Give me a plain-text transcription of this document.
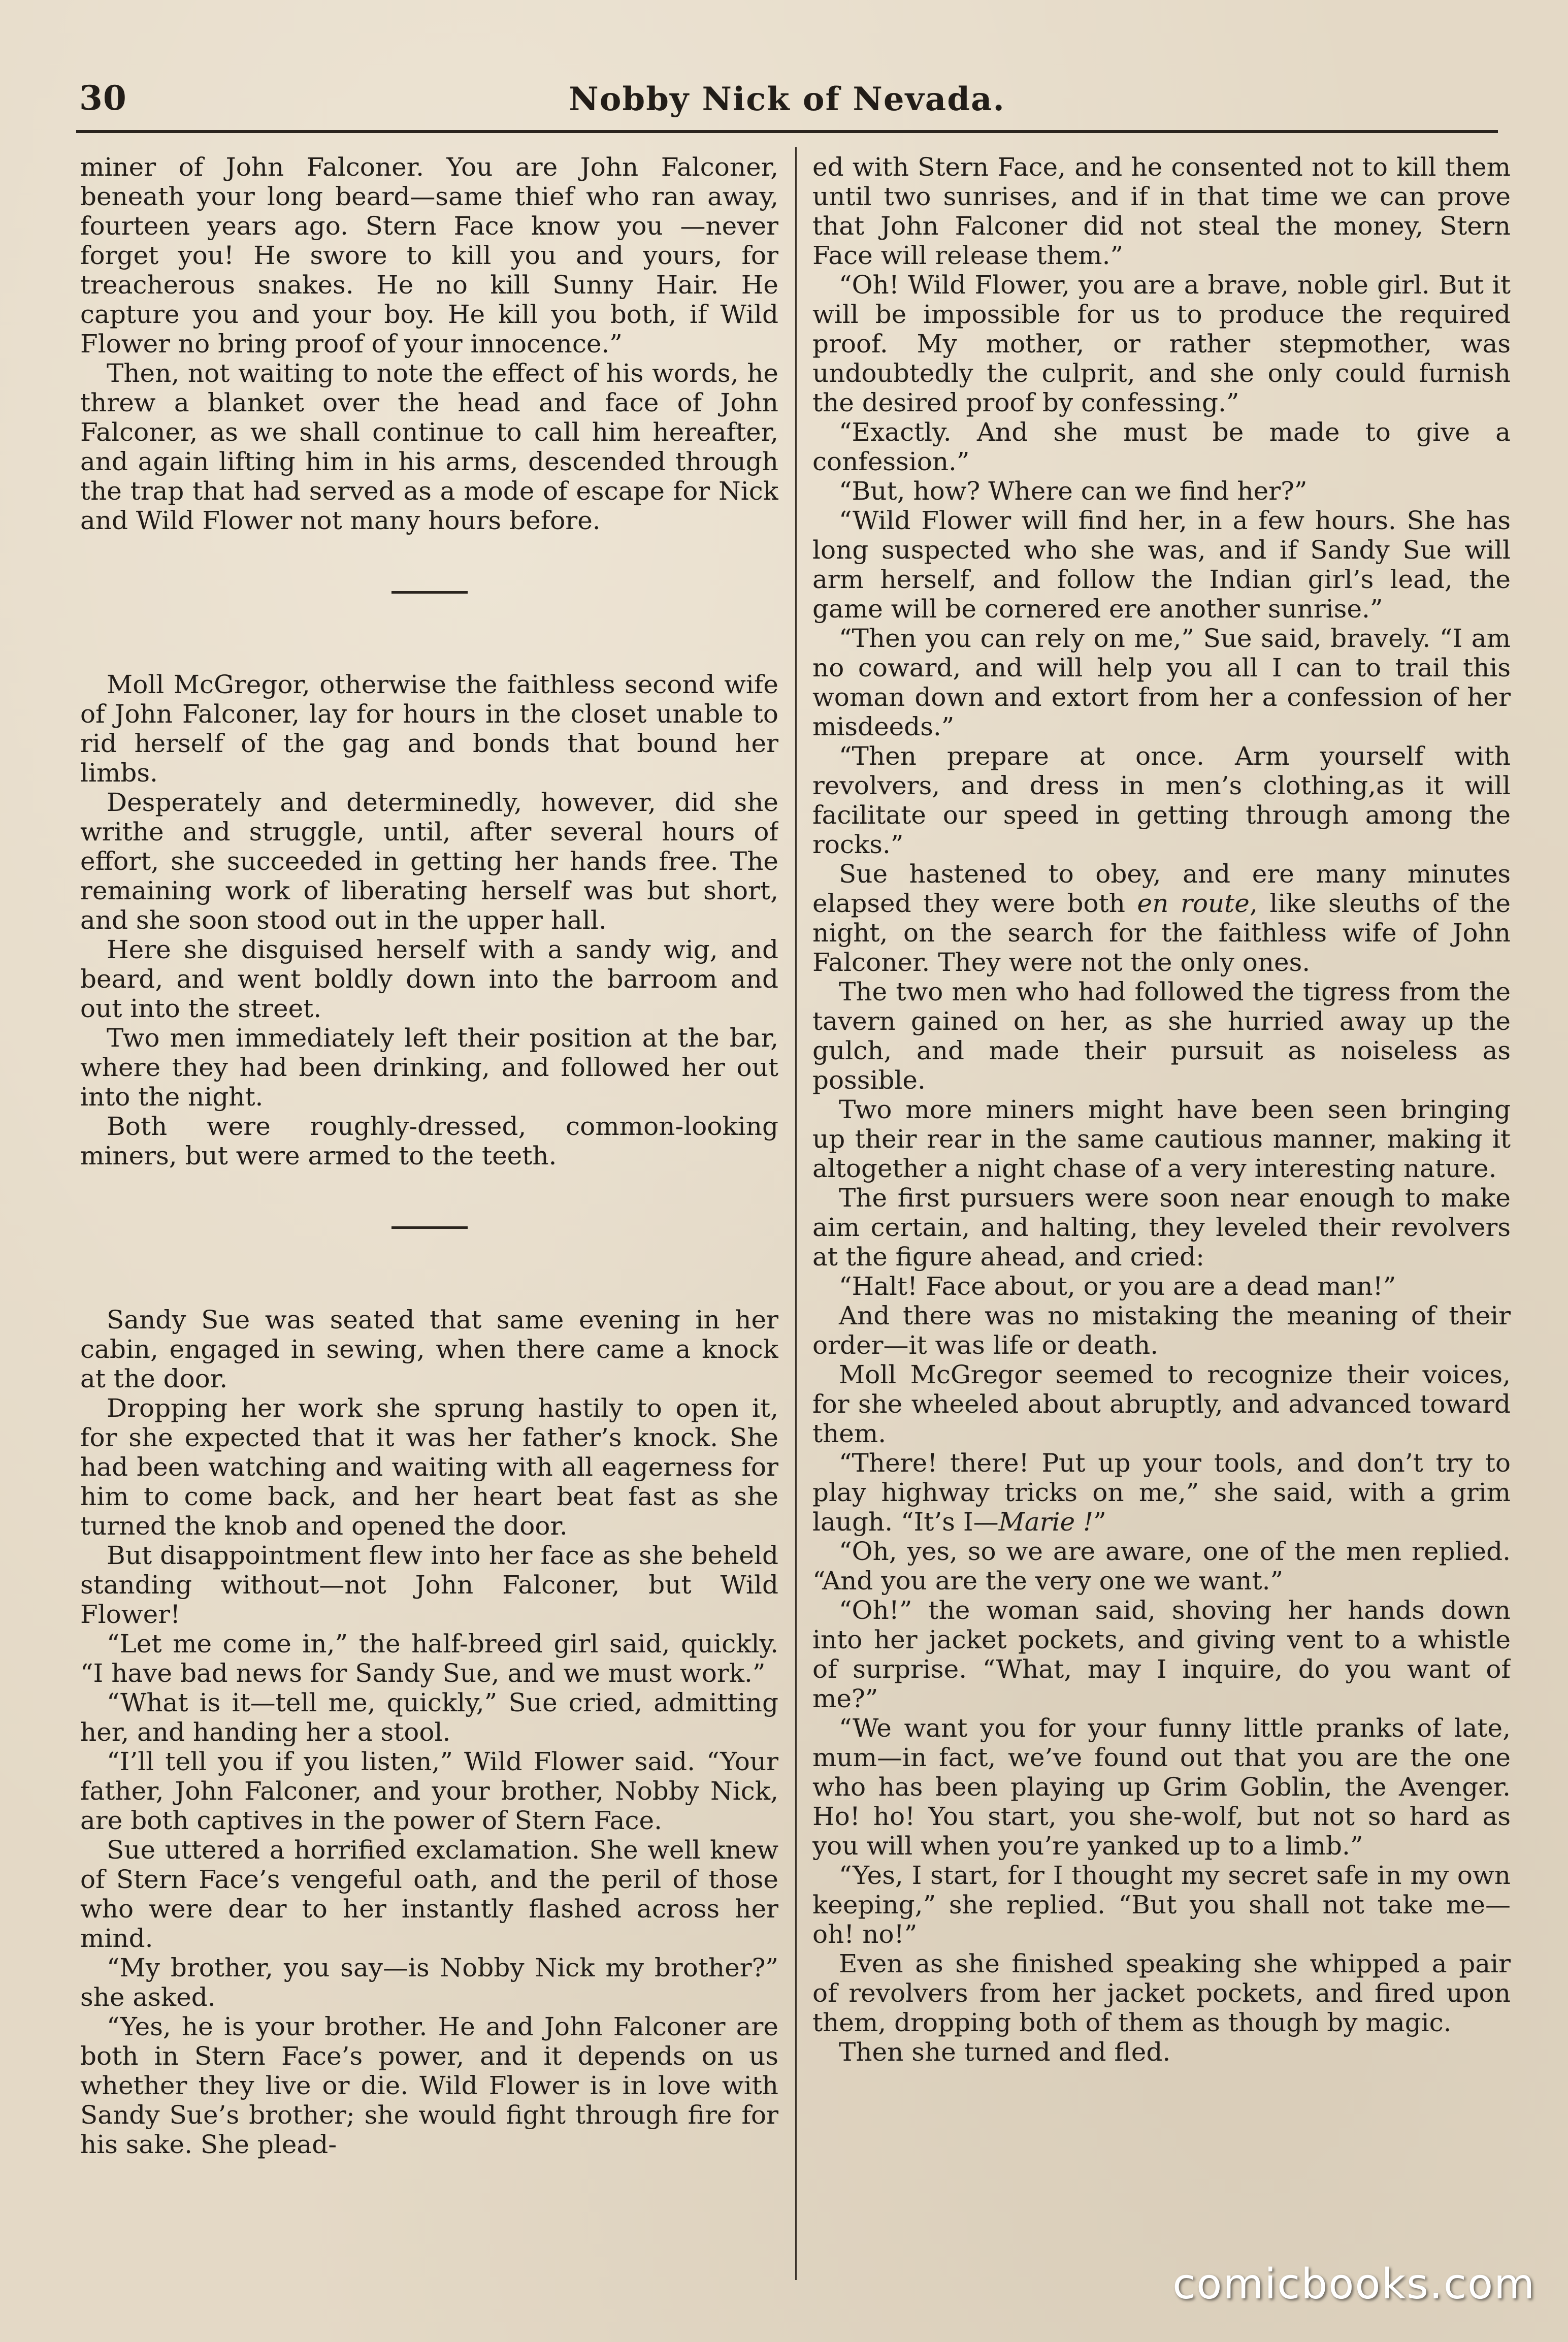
30	Nobby Nick of Nevada.

miner of John Falconer. You are John Falconer, beneath your long beard—same thief who ran away, fourteen years ago. Stern Face know you —never forget you! He swore to kill you and yours, for treacherous snakes. He no kill Sunny Hair. He capture you and your boy. He kill you both, if Wild Flower no bring proof of your innocence.”

Then, not waiting to note the effect of his words, he threw a blanket over the head and face of John Falconer, as we shall continue to call him hereafter, and again lifting him in his arms, descended through the trap that had served as a mode of escape for Nick and Wild Flower not many hours before.

Moll McGregor, otherwise the faithless second wife of John Falconer, lay for hours in the closet unable to rid herself of the gag and bonds that bound her limbs.

Desperately and determinedly, however, did she writhe and struggle, until, after several hours of effort, she succeeded in getting her hands free. The remaining work of liberating herself was but short, and she soon stood out in the upper hall.

Here she disguised herself with a sandy wig, and beard, and went boldly down into the barroom and out into the street.

Two men immediately left their position at the bar, where they had been drinking, and followed her out into the night.

Both were roughly-dressed, common-looking miners, but were armed to the teeth.

Sandy Sue was seated that same evening in her cabin, engaged in sewing, when there came a knock at the door.

Dropping her work she sprung hastily to open it, for she expected that it was her father’s knock. She had been watching and waiting with all eagerness for him to come back, and her heart beat fast as she turned the knob and opened the door.

But disappointment flew into her face as she beheld standing without—not John Falconer, but Wild Flower!

“Let me come in,” the half-breed girl said, quickly. “I have bad news for Sandy Sue, and we must work.”

“What is it—tell me, quickly,” Sue cried, admitting her, and handing her a stool.

“I’ll tell you if you listen,” Wild Flower said. “Your father, John Falconer, and your brother, Nobby Nick, are both captives in the power of Stern Face.

Sue uttered a horrified exclamation. She well knew of Stern Face’s vengeful oath, and the peril of those who were dear to her instantly flashed across her mind.

“My brother, you say—is Nobby Nick my brother?” she asked.

“Yes, he is your brother. He and John Falconer are both in Stern Face’s power, and it depends on us whether they live or die. Wild Flower is in love with Sandy Sue’s brother; she would fight through fire for his sake. She plead-

ed with Stern Face, and he consented not to kill them until two sunrises, and if in that time we can prove that John Falconer did not steal the money, Stern Face will release them.”

“Oh! Wild Flower, you are a brave, noble girl. But it will be impossible for us to produce the required proof. My mother, or rather stepmother, was undoubtedly the culprit, and she only could furnish the desired proof by confessing.”

“Exactly. And she must be made to give a confession.”

“But, how? Where can we find her?”

“Wild Flower will find her, in a few hours. She has long suspected who she was, and if Sandy Sue will arm herself, and follow the Indian girl’s lead, the game will be cornered ere another sunrise.”

“Then you can rely on me,” Sue said, bravely. “I am no coward, and will help you all I can to trail this woman down and extort from her a confession of her misdeeds.”

“Then prepare at once. Arm yourself with revolvers, and dress in men’s clothing,as it will facilitate our speed in getting through among the rocks.”

Sue hastened to obey, and ere many minutes elapsed they were both en route, like sleuths of the night, on the search for the faithless wife of John Falconer. They were not the only ones.

The two men who had followed the tigress from the tavern gained on her, as she hurried away up the gulch, and made their pursuit as noiseless as possible.

Two more miners might have been seen bringing up their rear in the same cautious manner, making it altogether a night chase of a very interesting nature.

The first pursuers were soon near enough to make aim certain, and halting, they leveled their revolvers at the figure ahead, and cried:

“Halt! Face about, or you are a dead man!”

And there was no mistaking the meaning of their order—it was life or death.

Moll McGregor seemed to recognize their voices, for she wheeled about abruptly, and advanced toward them.

“There! there! Put up your tools, and don’t try to play highway tricks on me,” she said, with a grim laugh. “It’s I—Marie !”

“Oh, yes, so we are aware, one of the men replied. “And you are the very one we want.”

“Oh!” the woman said, shoving her hands down into her jacket pockets, and giving vent to a whistle of surprise. “What, may I inquire, do you want of me?”

“We want you for your funny little pranks of late, mum—in fact, we’ve found out that you are the one who has been playing up Grim Goblin, the Avenger. Ho! ho! You start, you she-wolf, but not so hard as you will when you’re yanked up to a limb.”

“Yes, I start, for I thought my secret safe in my own keeping,” she replied. “But you shall not take me—oh! no!”

Even as she finished speaking she whipped a pair of revolvers from her jacket pockets, and fired upon them, dropping both of them as though by magic.

Then she turned and fled.

comicbooks.com
